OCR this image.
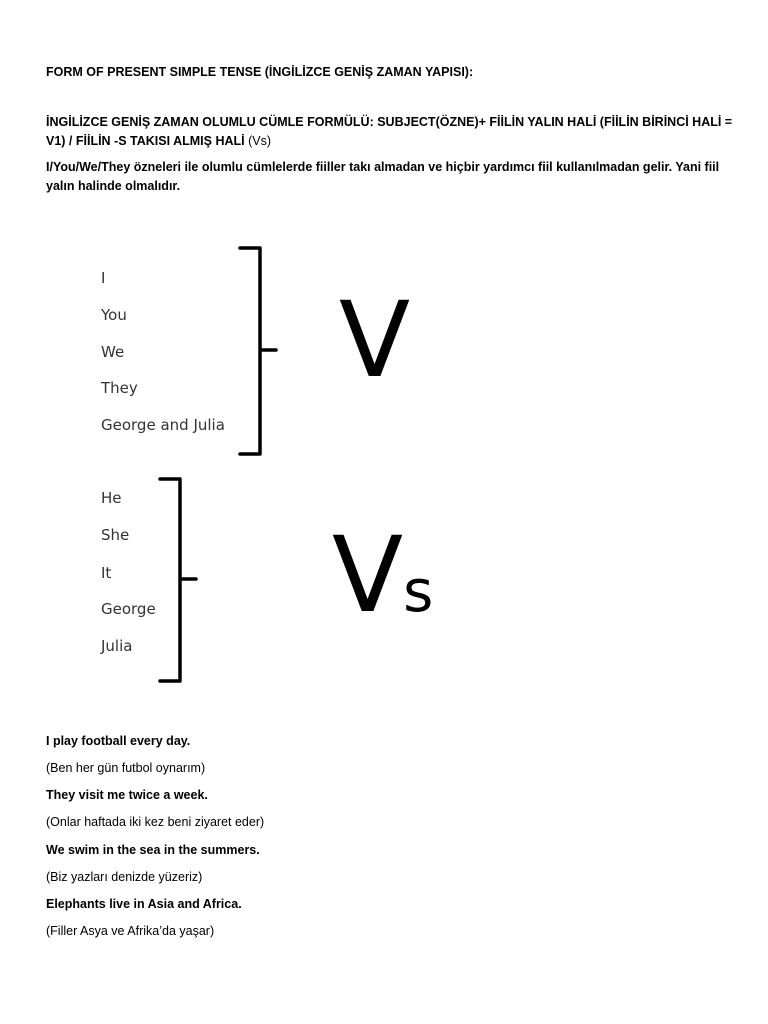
FORM OF PRESENT SIMPLE TENSE (İNGİLİZCE GENİŞ ZAMAN YAPISI):

İNGİLİZCE GENİŞ ZAMAN OLUMLU CÜMLE FORMÜLÜ: SUBJECT(ÖZNE)+ FİİLİN YALIN HALİ (FİİLİN BİRİNCİ HALİ = V1) / FİİLİN -S TAKISI ALMIŞ HALİ (Vs)

I/You/We/They özneleri ile olumlu cümlelerde fiiller takı almadan ve hiçbir yardımcı fiil kullanılmadan gelir. Yani fiil yalın halinde olmalıdır.

I

You

We

They

George and Julia

V

He

She

It

George

Julia

Vs

I play football every day.

(Ben her gün futbol oynarım)

They visit me twice a week.

(Onlar haftada iki kez beni ziyaret eder)

We swim in the sea in the summers.

(Biz yazları denizde yüzeriz)

Elephants live in Asia and Africa.

(Filler Asya ve Afrika’da yaşar)
